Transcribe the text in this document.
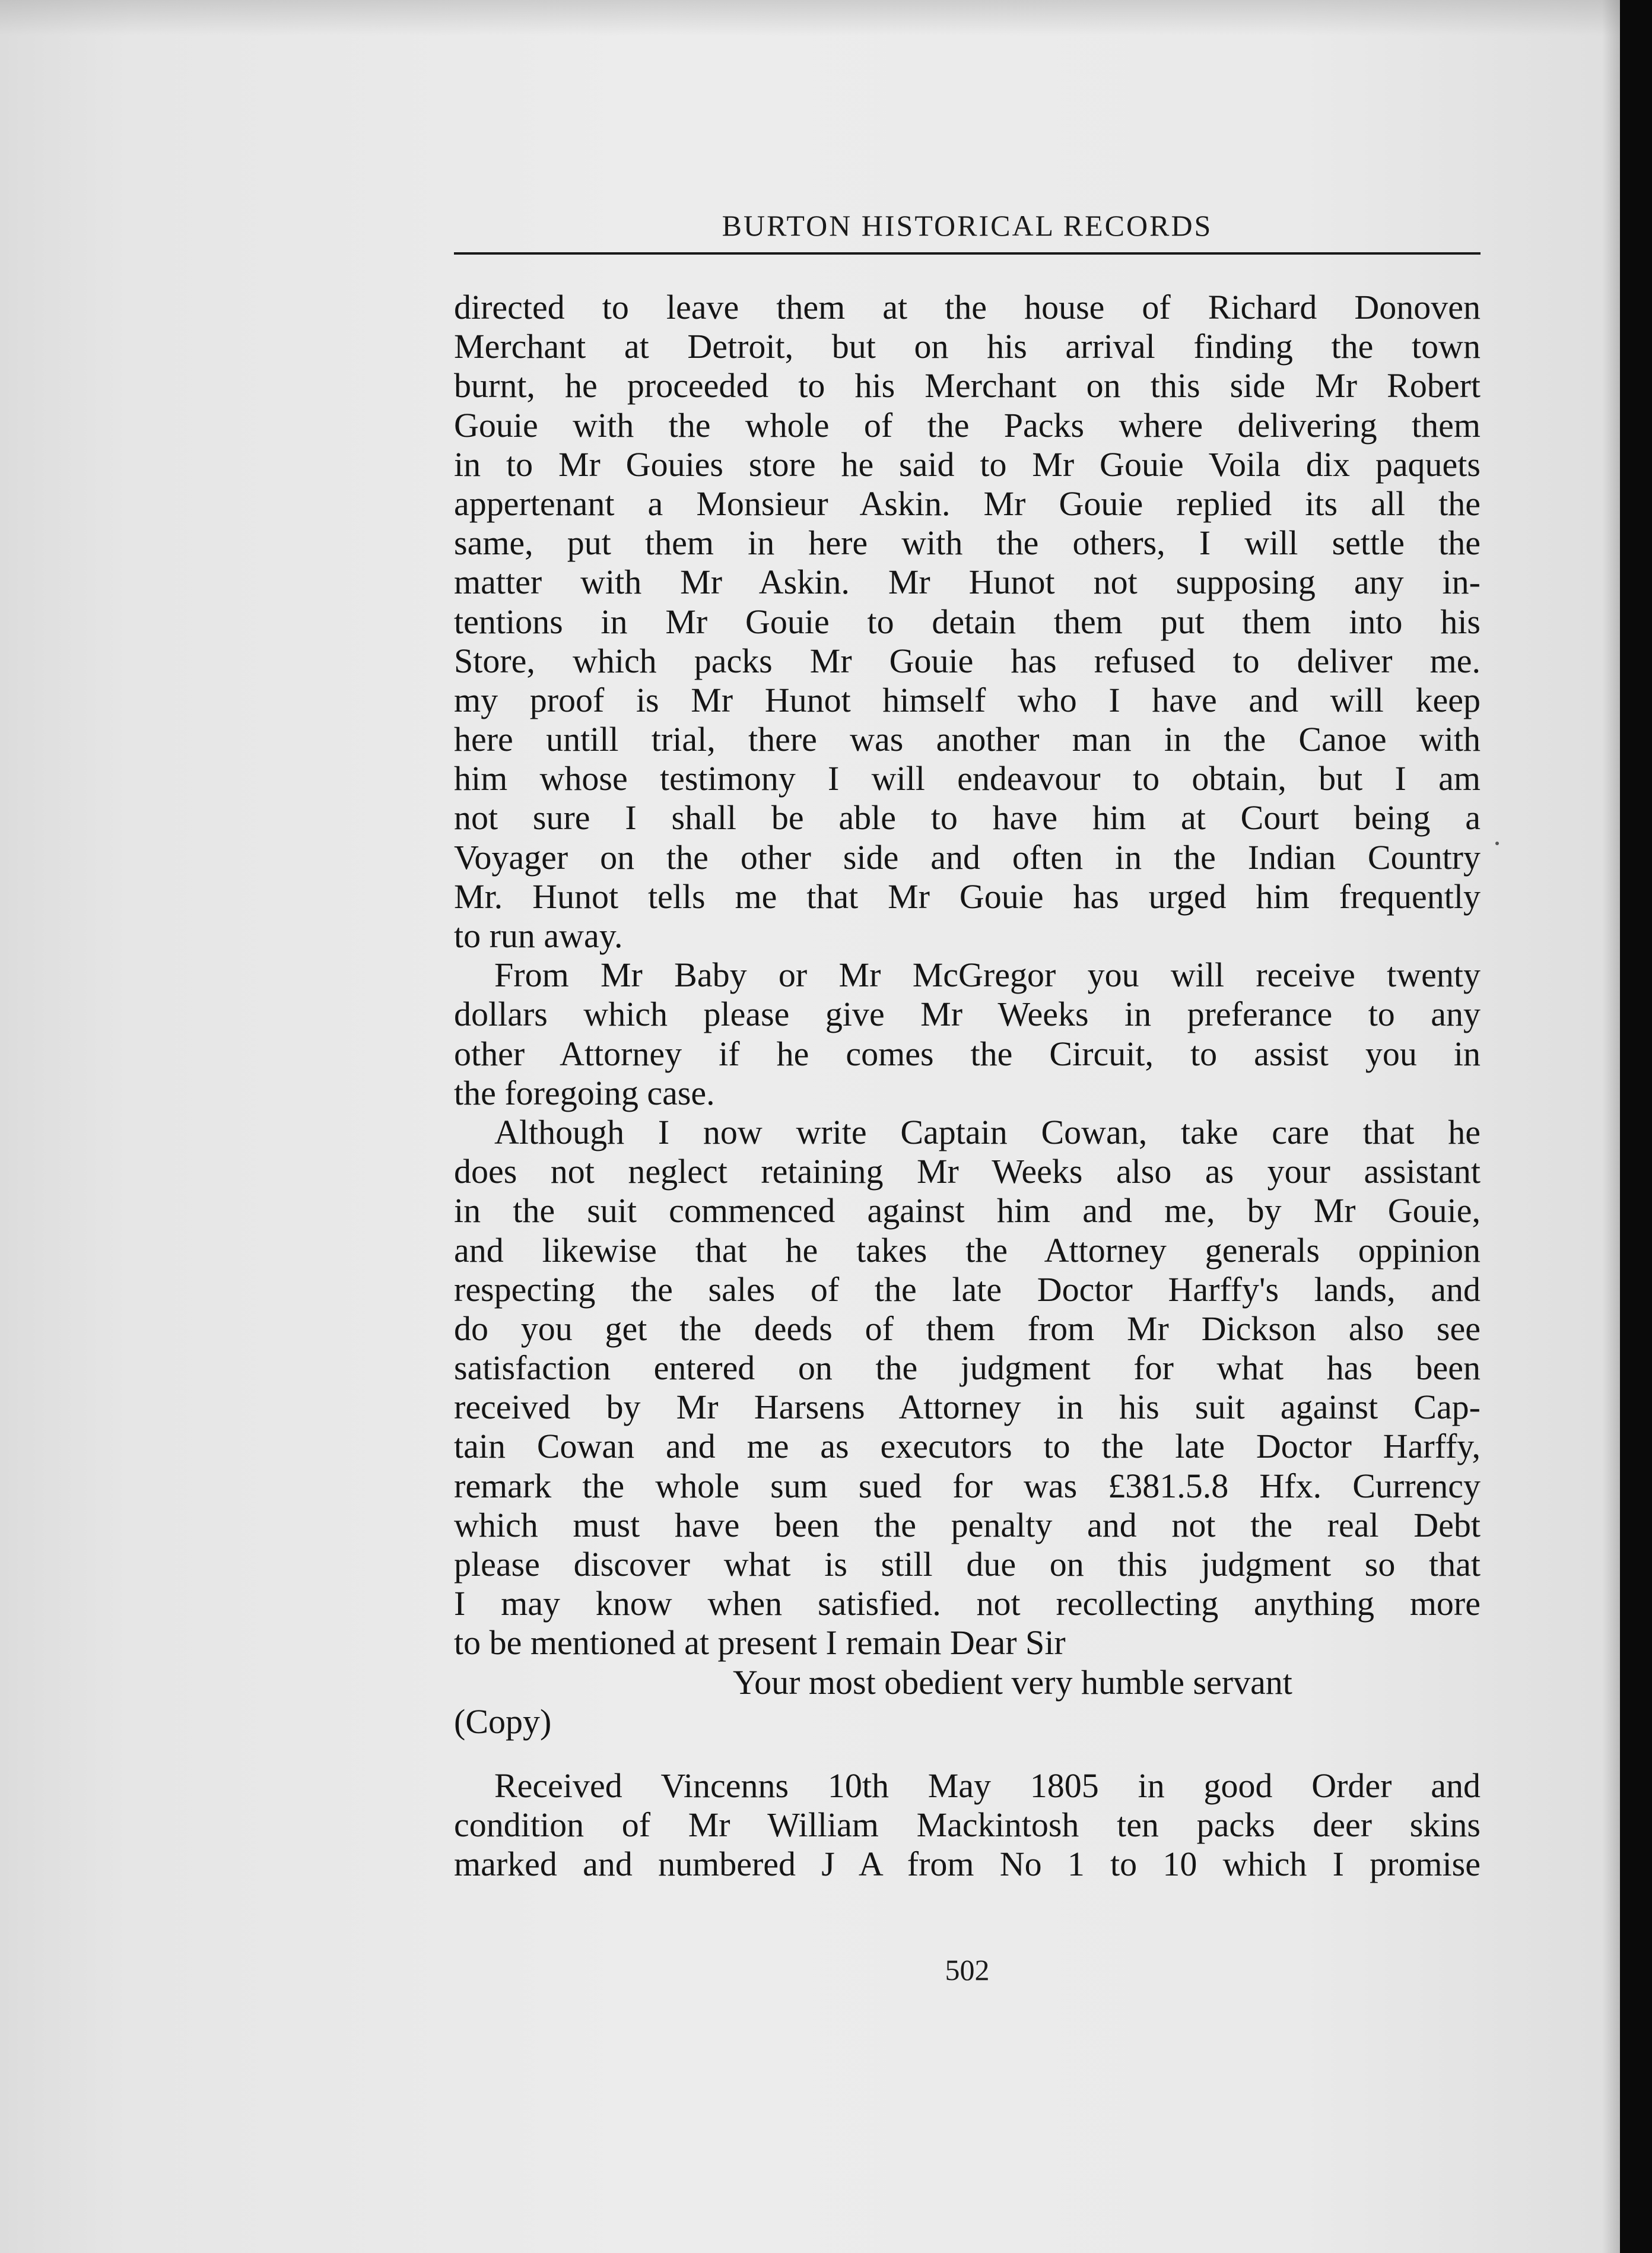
BURTON HISTORICAL RECORDS
directed to leave them at the house of Richard Donoven
Merchant at Detroit, but on his arrival finding the town
burnt, he proceeded to his Merchant on this side Mr Robert
Gouie with the whole of the Packs where delivering them
in to Mr Gouies store he said to Mr Gouie Voila dix paquets
appertenant a Monsieur Askin. Mr Gouie replied its all the
same, put them in here with the others, I will settle the
matter with Mr Askin. Mr Hunot not supposing any in-
tentions in Mr Gouie to detain them put them into his
Store, which packs Mr Gouie has refused to deliver me.
my proof is Mr Hunot himself who I have and will keep
here untill trial, there was another man in the Canoe with
him whose testimony I will endeavour to obtain, but I am
not sure I shall be able to have him at Court being a
Voyager on the other side and often in the Indian Country
Mr. Hunot tells me that Mr Gouie has urged him frequently
to run away.
From Mr Baby or Mr McGregor you will receive twenty
dollars which please give Mr Weeks in preferance to any
other Attorney if he comes the Circuit, to assist you in
the foregoing case.
Although I now write Captain Cowan, take care that he
does not neglect retaining Mr Weeks also as your assistant
in the suit commenced against him and me, by Mr Gouie,
and likewise that he takes the Attorney generals oppinion
respecting the sales of the late Doctor Harffy's lands, and
do you get the deeds of them from Mr Dickson also see
satisfaction entered on the judgment for what has been
received by Mr Harsens Attorney in his suit against Cap-
tain Cowan and me as executors to the late Doctor Harffy,
remark the whole sum sued for was £381.5.8 Hfx. Currency
which must have been the penalty and not the real Debt
please discover what is still due on this judgment so that
I may know when satisfied. not recollecting anything more
to be mentioned at present I remain Dear Sir
Your most obedient very humble servant
(Copy)
Received Vincenns 10th May 1805 in good Order and
condition of Mr William Mackintosh ten packs deer skins
marked and numbered J A from No 1 to 10 which I promise
502
